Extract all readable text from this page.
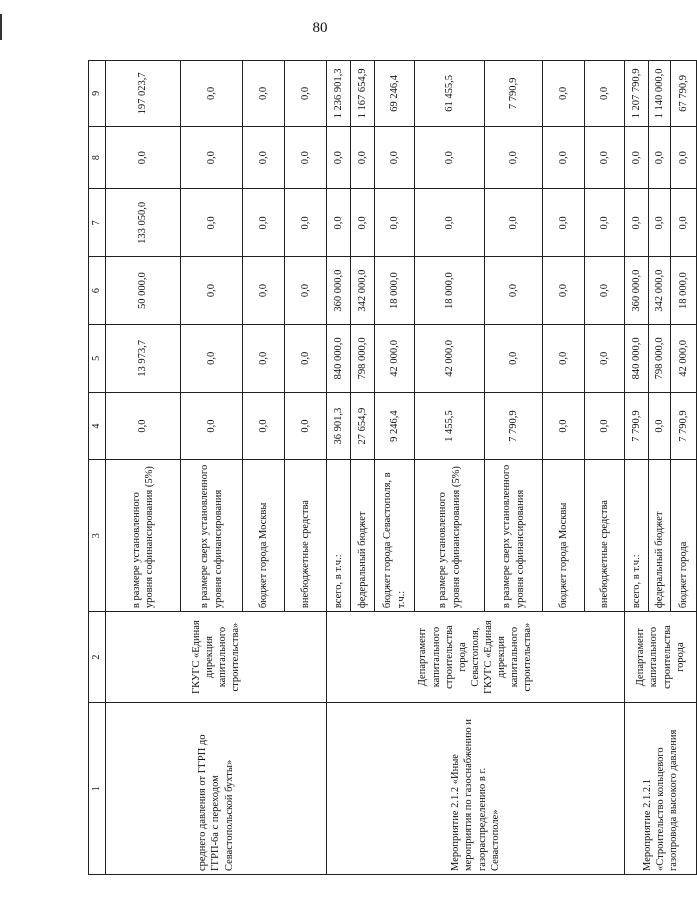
80
1	2	3	4	5	6	7	8	9
среднего давления от ГГРП до ГГРП-6а с переходом Севастопольской бухты»	ГКУГС «Единая дирекция капитального строительства»	в размере установленного уровня софинансирования (5%)	0,0	13 973,7	50 000,0	133 050,0	0,0	197 023,7
		в размере сверх установленного уровня софинансирования	0,0	0,0	0,0	0,0	0,0	0,0
		бюджет города Москвы	0,0	0,0	0,0	0,0	0,0	0,0
		внебюджетные средства	0,0	0,0	0,0	0,0	0,0	0,0
Мероприятие 2.1.2 «Иные мероприятия по газоснабжению и газораспределению в г. Севастополе»	Департамент капитального строительства города Севастополя, ГКУГС «Единая дирекция капитального строительства»	всего, в т.ч.:	36 901,3	840 000,0	360 000,0	0,0	0,0	1 236 901,3
		федеральный бюджет	27 654,9	798 000,0	342 000,0	0,0	0,0	1 167 654,9
		бюджет города Севастополя, в т.ч.:	9 246,4	42 000,0	18 000,0	0,0	0,0	69 246,4
		в размере установленного уровня софинансирования (5%)	1 455,5	42 000,0	18 000,0	0,0	0,0	61 455,5
		в размере сверх установленного уровня софинансирования	7 790,9	0,0	0,0	0,0	0,0	7 790,9
		бюджет города Москвы	0,0	0,0	0,0	0,0	0,0	0,0
		внебюджетные средства	0,0	0,0	0,0	0,0	0,0	0,0
Мероприятие 2.1.2.1 «Строительство кольцевого газопровода высокого давления	Департамент капитального строительства города	всего, в т.ч.:	7 790,9	840 000,0	360 000,0	0,0	0,0	1 207 790,9
		федеральный бюджет	0,0	798 000,0	342 000,0	0,0	0,0	1 140 000,0
		бюджет города	7 790,9	42 000,0	18 000,0	0,0	0,0	67 790,9
